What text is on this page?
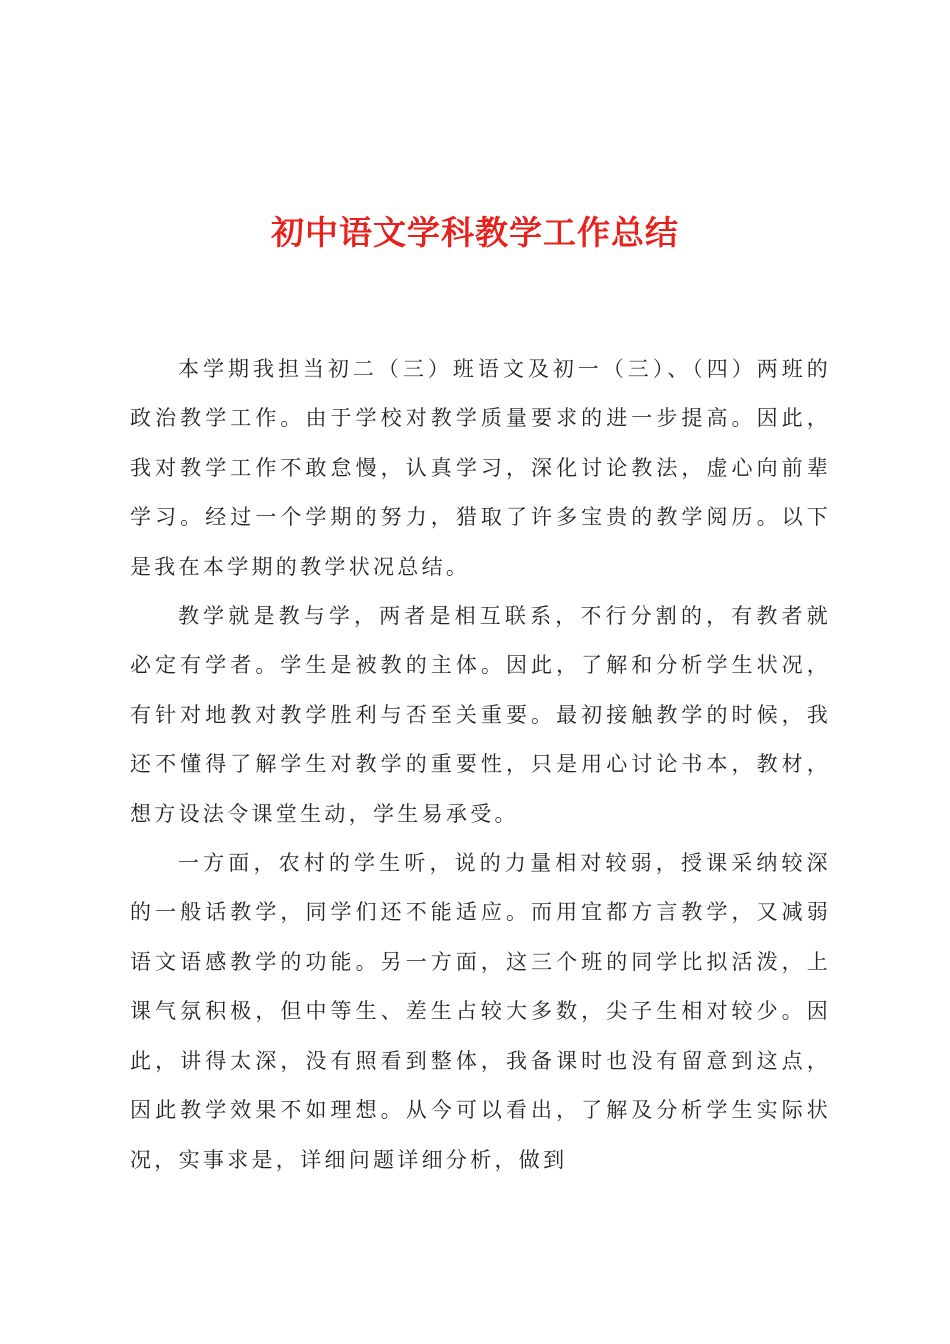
初中语文学科教学工作总结

本学期我担当初二（三）班语文及初一（三）、（四）两班的政治教学工作。由于学校对教学质量要求的进一步提高。因此，我对教学工作不敢怠慢，认真学习，深化讨论教法，虚心向前辈学习。经过一个学期的努力，猎取了许多宝贵的教学阅历。以下是我在本学期的教学状况总结。

教学就是教与学，两者是相互联系，不行分割的，有教者就必定有学者。学生是被教的主体。因此，了解和分析学生状况，有针对地教对教学胜利与否至关重要。最初接触教学的时候，我还不懂得了解学生对教学的重要性，只是用心讨论书本，教材，想方设法令课堂生动，学生易承受。

一方面，农村的学生听，说的力量相对较弱，授课采纳较深的一般话教学，同学们还不能适应。而用宜都方言教学，又减弱语文语感教学的功能。另一方面，这三个班的同学比拟活泼，上课气氛积极，但中等生、差生占较大多数，尖子生相对较少。因此，讲得太深，没有照看到整体，我备课时也没有留意到这点，因此教学效果不如理想。从今可以看出，了解及分析学生实际状况，实事求是，详细问题详细分析，做到
